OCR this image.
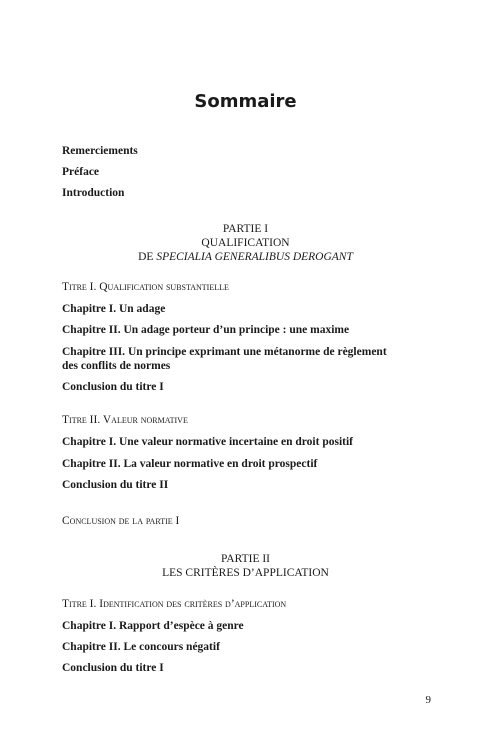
Sommaire
Remerciements
Préface
Introduction
PARTIE I
QUALIFICATION
DE SPECIALIA GENERALIBUS DEROGANT
Titre I. Qualification substantielle
Chapitre I. Un adage
Chapitre II. Un adage porteur d’un principe : une maxime
Chapitre III. Un principe exprimant une métanorme de règlement
des conflits de normes
Conclusion du titre I
Titre II. Valeur normative
Chapitre I. Une valeur normative incertaine en droit positif
Chapitre II. La valeur normative en droit prospectif
Conclusion du titre II
Conclusion de la partie I
PARTIE II
LES CRITÈRES D’APPLICATION
Titre I. Identification des critères d’application
Chapitre I. Rapport d’espèce à genre
Chapitre II. Le concours négatif
Conclusion du titre I
9
